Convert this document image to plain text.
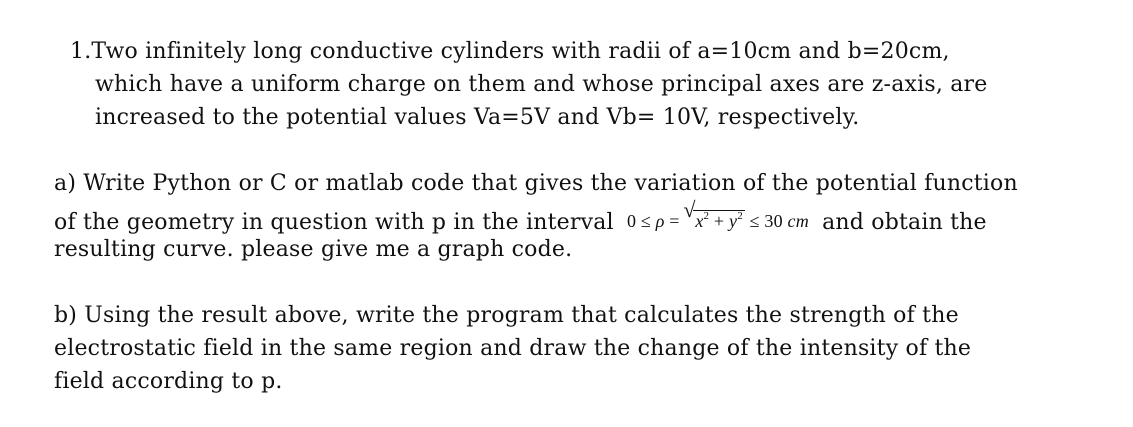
1.Two infinitely long conductive cylinders with radii of a=10cm and b=20cm,
which have a uniform charge on them and whose principal axes are z-axis, are
increased to the potential values Va=5V and Vb= 10V, respectively.
a) Write Python or C or matlab code that gives the variation of the potential function
of the geometry in question with p in the interval 0 ≤ ρ = √ $x^2 + y^2 \le 30$ cm and obtain the
resulting curve. please give me a graph code.
b) Using the result above, write the program that calculates the strength of the
electrostatic field in the same region and draw the change of the intensity of the
field according to p.
